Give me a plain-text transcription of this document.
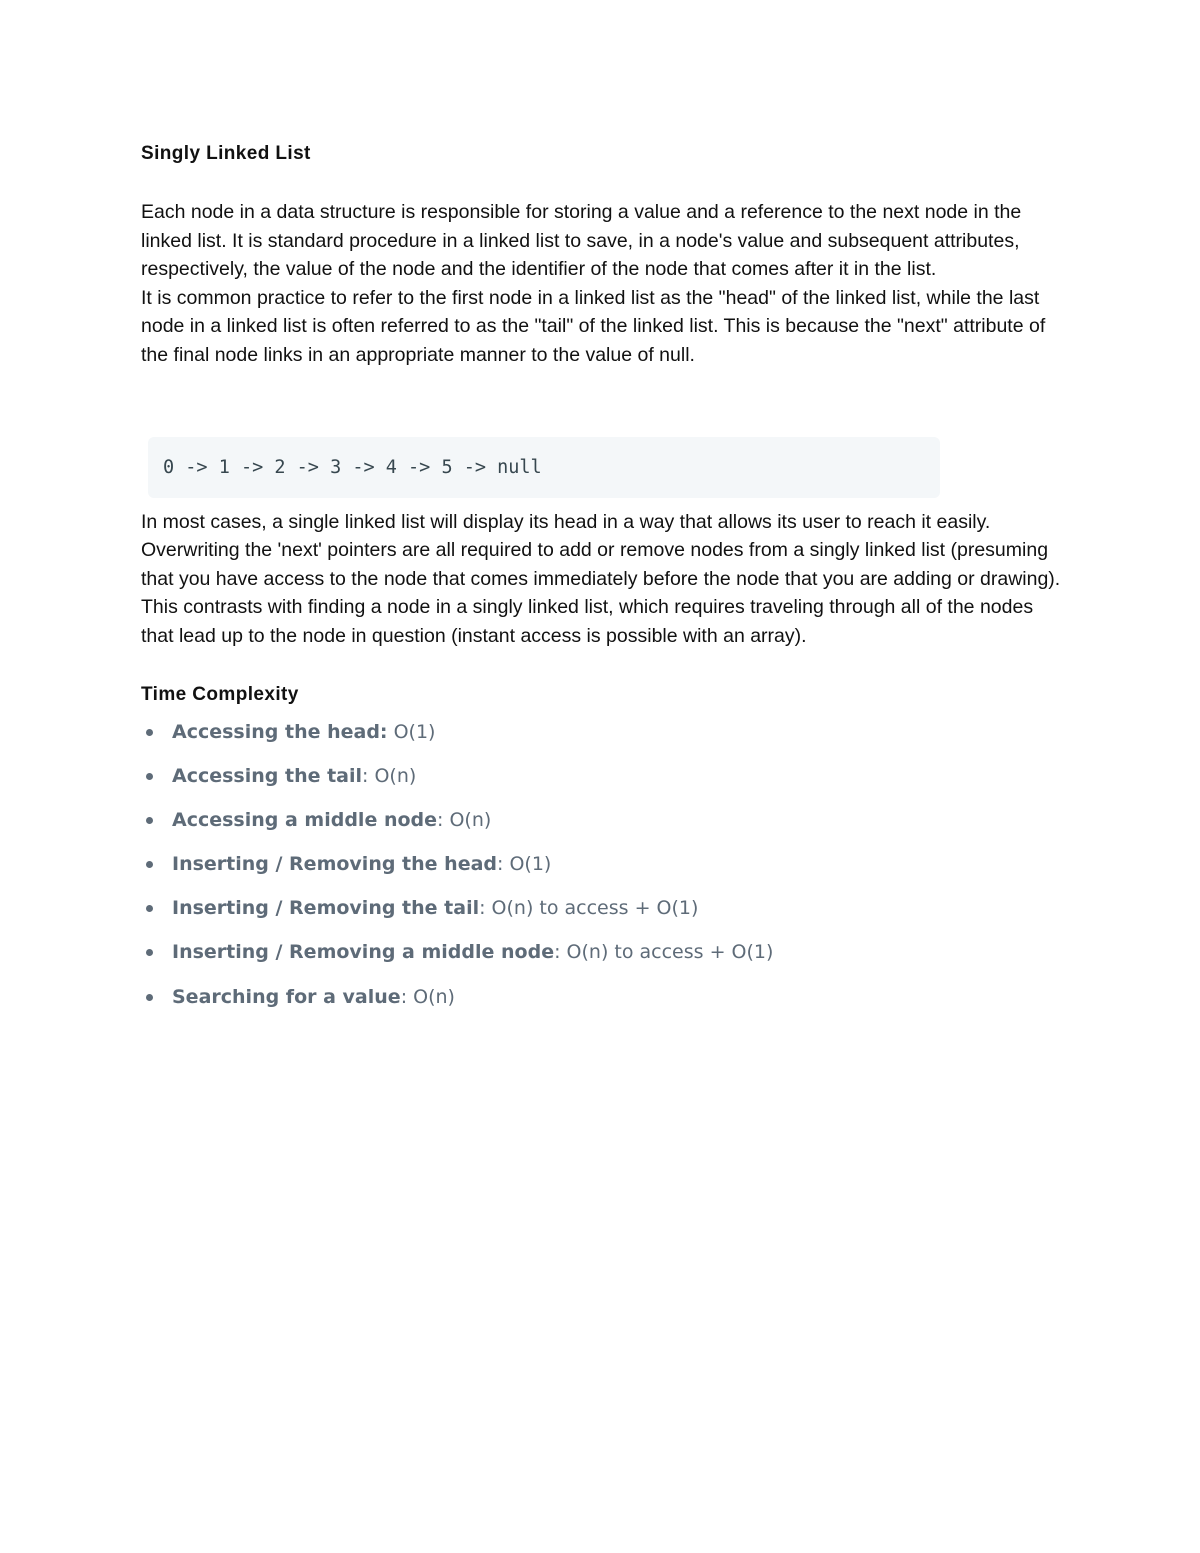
Singly Linked List

Each node in a data structure is responsible for storing a value and a reference to the next node in the linked list. It is standard procedure in a linked list to save, in a node's value and subsequent attributes, respectively, the value of the node and the identifier of the node that comes after it in the list.

It is common practice to refer to the first node in a linked list as the "head" of the linked list, while the last node in a linked list is often referred to as the "tail" of the linked list. This is because the "next" attribute of the final node links in an appropriate manner to the value of null.

0 -> 1 -> 2 -> 3 -> 4 -> 5 -> null

In most cases, a single linked list will display its head in a way that allows its user to reach it easily. Overwriting the 'next' pointers are all required to add or remove nodes from a singly linked list (presuming that you have access to the node that comes immediately before the node that you are adding or drawing). This contrasts with finding a node in a singly linked list, which requires traveling through all of the nodes that lead up to the node in question (instant access is possible with an array).

Time Complexity
Accessing the head: O(1)
Accessing the tail: O(n)
Accessing a middle node: O(n)
Inserting / Removing the head: O(1)
Inserting / Removing the tail: O(n) to access + O(1)
Inserting / Removing a middle node: O(n) to access + O(1)
Searching for a value: O(n)
